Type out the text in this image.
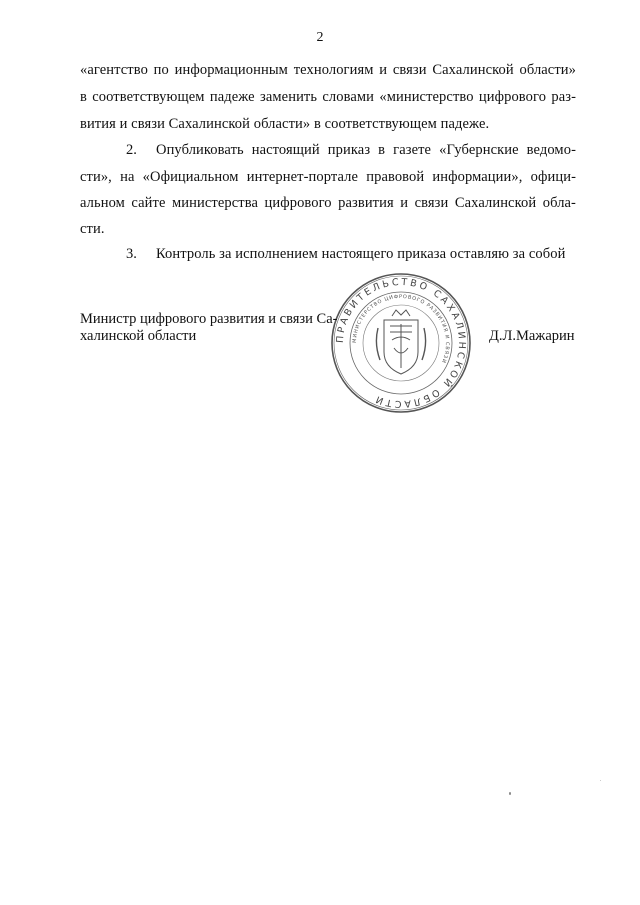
2
«агентство по информационным технологиям и связи Сахалинской области»
в соответствующем падеже заменить словами «министерство цифрового раз-
вития и связи Сахалинской области» в соответствующем падеже.
2. Опубликовать настоящий приказ в газете «Губернские ведомо-
сти», на «Официальном интернет-портале правовой информации», офици-
альном сайте министерства цифрового развития и связи Сахалинской обла-
сти.
3. Контроль за исполнением настоящего приказа оставляю за собой
ПРАВИТЕЛЬСТВО САХАЛИНСКОЙ ОБЛАСТИ
МИНИСТЕРСТВО ЦИФРОВОГО РАЗВИТИЯ И СВЯЗИ
Министр цифрового развития и связи Са-
халинской области	Д.Л.Мажарин
